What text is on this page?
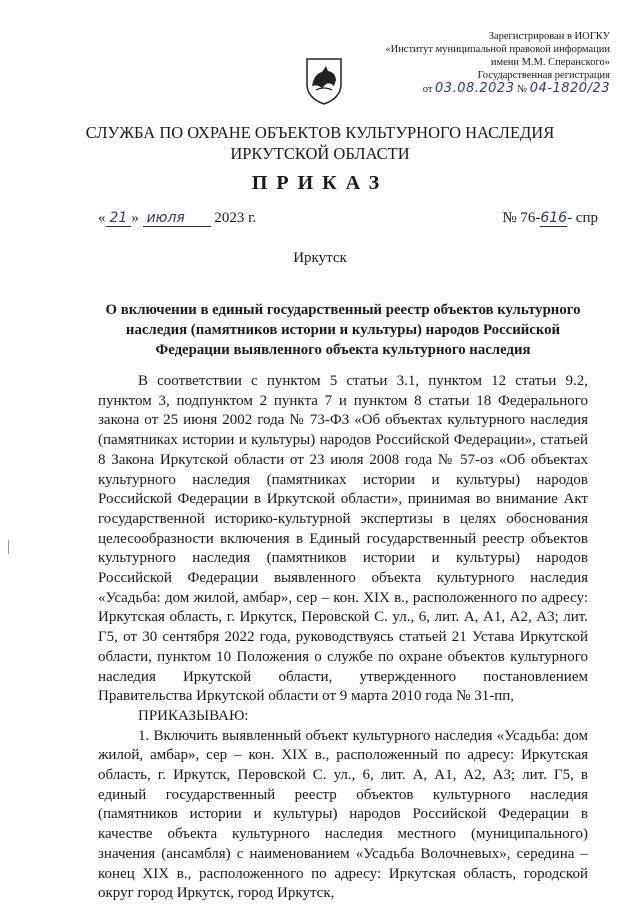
Зарегистрирован в ИОГКУ
«Институт муниципальной правовой информации
имени М.М. Сперанского»
Государственная регистрация
от 03.08.2023 № 04-1820/23
СЛУЖБА ПО ОХРАНЕ ОБЪЕКТОВ КУЛЬТУРНОГО НАСЛЕДИЯ
ИРКУТСКОЙ ОБЛАСТИ
ПРИКАЗ
« 21 » июля 2023 г.	№ 76-616- спр
Иркутск
О включении в единый государственный реестр объектов культурного наследия (памятников истории и культуры) народов Российской Федерации выявленного объекта культурного наследия

В соответствии с пунктом 5 статьи 3.1, пунктом 12 статьи 9.2, пунктом 3, подпунктом 2 пункта 7 и пунктом 8 статьи 18 Федерального закона от 25 июня 2002 года № 73-ФЗ «Об объектах культурного наследия (памятниках истории и культуры) народов Российской Федерации», статьей 8 Закона Иркутской области от 23 июля 2008 года № 57-оз «Об объектах культурного наследия (памятниках истории и культуры) народов Российской Федерации в Иркутской области», принимая во внимание Акт государственной историко-культурной экспертизы в целях обоснования целесообразности включения в Единый государственный реестр объектов культурного наследия (памятников истории и культуры) народов Российской Федерации выявленного объекта культурного наследия «Усадьба: дом жилой, амбар», сер – кон. XIX в., расположенного по адресу: Иркутская область, г. Иркутск, Перовской С. ул., 6, лит. А, А1, А2, А3; лит. Г5, от 30 сентября 2022 года, руководствуясь статьей 21 Устава Иркутской области, пунктом 10 Положения о службе по охране объектов культурного наследия Иркутской области, утвержденного постановлением Правительства Иркутской области от 9 марта 2010 года № 31-пп,

ПРИКАЗЫВАЮ:

1. Включить выявленный объект культурного наследия «Усадьба: дом жилой, амбар», сер – кон. XIX в., расположенный по адресу: Иркутская область, г. Иркутск, Перовской С. ул., 6, лит. А, А1, А2, А3; лит. Г5, в единый государственный реестр объектов культурного наследия (памятников истории и культуры) народов Российской Федерации в качестве объекта культурного наследия местного (муниципального) значения (ансамбля) с наименованием «Усадьба Волочневых», середина – конец XIX в., расположенного по адресу: Иркутская область, городской округ город Иркутск, город Иркутск,
